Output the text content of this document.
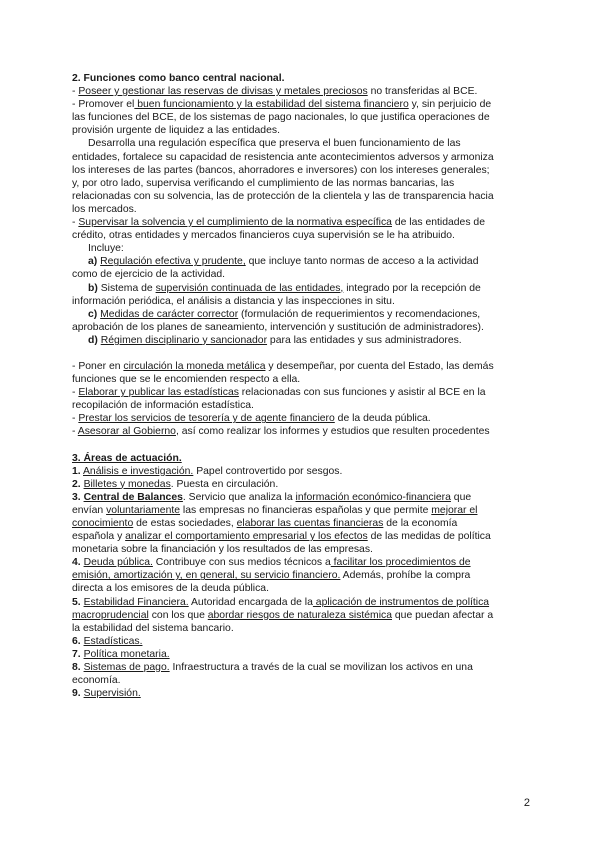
2. Funciones como banco central nacional.

- Poseer y gestionar las reservas de divisas y metales preciosos no transferidas al BCE.

- Promover el buen funcionamiento y la estabilidad del sistema financiero y, sin perjuicio de

las funciones del BCE, de los sistemas de pago nacionales, lo que justifica operaciones de

provisión urgente de liquidez a las entidades.

Desarrolla una regulación específica que preserva el buen funcionamiento de las

entidades, fortalece su capacidad de resistencia ante acontecimientos adversos y armoniza

los intereses de las partes (bancos, ahorradores e inversores) con los intereses generales;

y, por otro lado, supervisa verificando el cumplimiento de las normas bancarias, las

relacionadas con su solvencia, las de protección de la clientela y las de transparencia hacia

los mercados.

- Supervisar la solvencia y el cumplimiento de la normativa específica de las entidades de

crédito, otras entidades y mercados financieros cuya supervisión se le ha atribuido.

Incluye:

a) Regulación efectiva y prudente, que incluye tanto normas de acceso a la actividad

como de ejercicio de la actividad.

b) Sistema de supervisión continuada de las entidades, integrado por la recepción de

información periódica, el análisis a distancia y las inspecciones in situ.

c) Medidas de carácter corrector (formulación de requerimientos y recomendaciones,

aprobación de los planes de saneamiento, intervención y sustitución de administradores).

d) Régimen disciplinario y sancionador para las entidades y sus administradores.

- Poner en circulación la moneda metálica y desempeñar, por cuenta del Estado, las demás

funciones que se le encomienden respecto a ella.

- Elaborar y publicar las estadísticas relacionadas con sus funciones y asistir al BCE en la

recopilación de información estadística.

- Prestar los servicios de tesorería y de agente financiero de la deuda pública.

- Asesorar al Gobierno, así como realizar los informes y estudios que resulten procedentes

3. Áreas de actuación.

1. Análisis e investigación. Papel controvertido por sesgos.

2. Billetes y monedas. Puesta en circulación.

3. Central de Balances. Servicio que analiza la información económico-financiera que

envían voluntariamente las empresas no financieras españolas y que permite mejorar el

conocimiento de estas sociedades, elaborar las cuentas financieras de la economía

española y analizar el comportamiento empresarial y los efectos de las medidas de política

monetaria sobre la financiación y los resultados de las empresas.

4. Deuda pública. Contribuye con sus medios técnicos a facilitar los procedimientos de

emisión, amortización y, en general, su servicio financiero. Además, prohíbe la compra

directa a los emisores de la deuda pública.

5. Estabilidad Financiera. Autoridad encargada de la aplicación de instrumentos de política

macroprudencial con los que abordar riesgos de naturaleza sistémica que puedan afectar a

la estabilidad del sistema bancario.

6. Estadísticas.

7. Política monetaria.

8. Sistemas de pago. Infraestructura a través de la cual se movilizan los activos en una

economía.

9. Supervisión.

2
